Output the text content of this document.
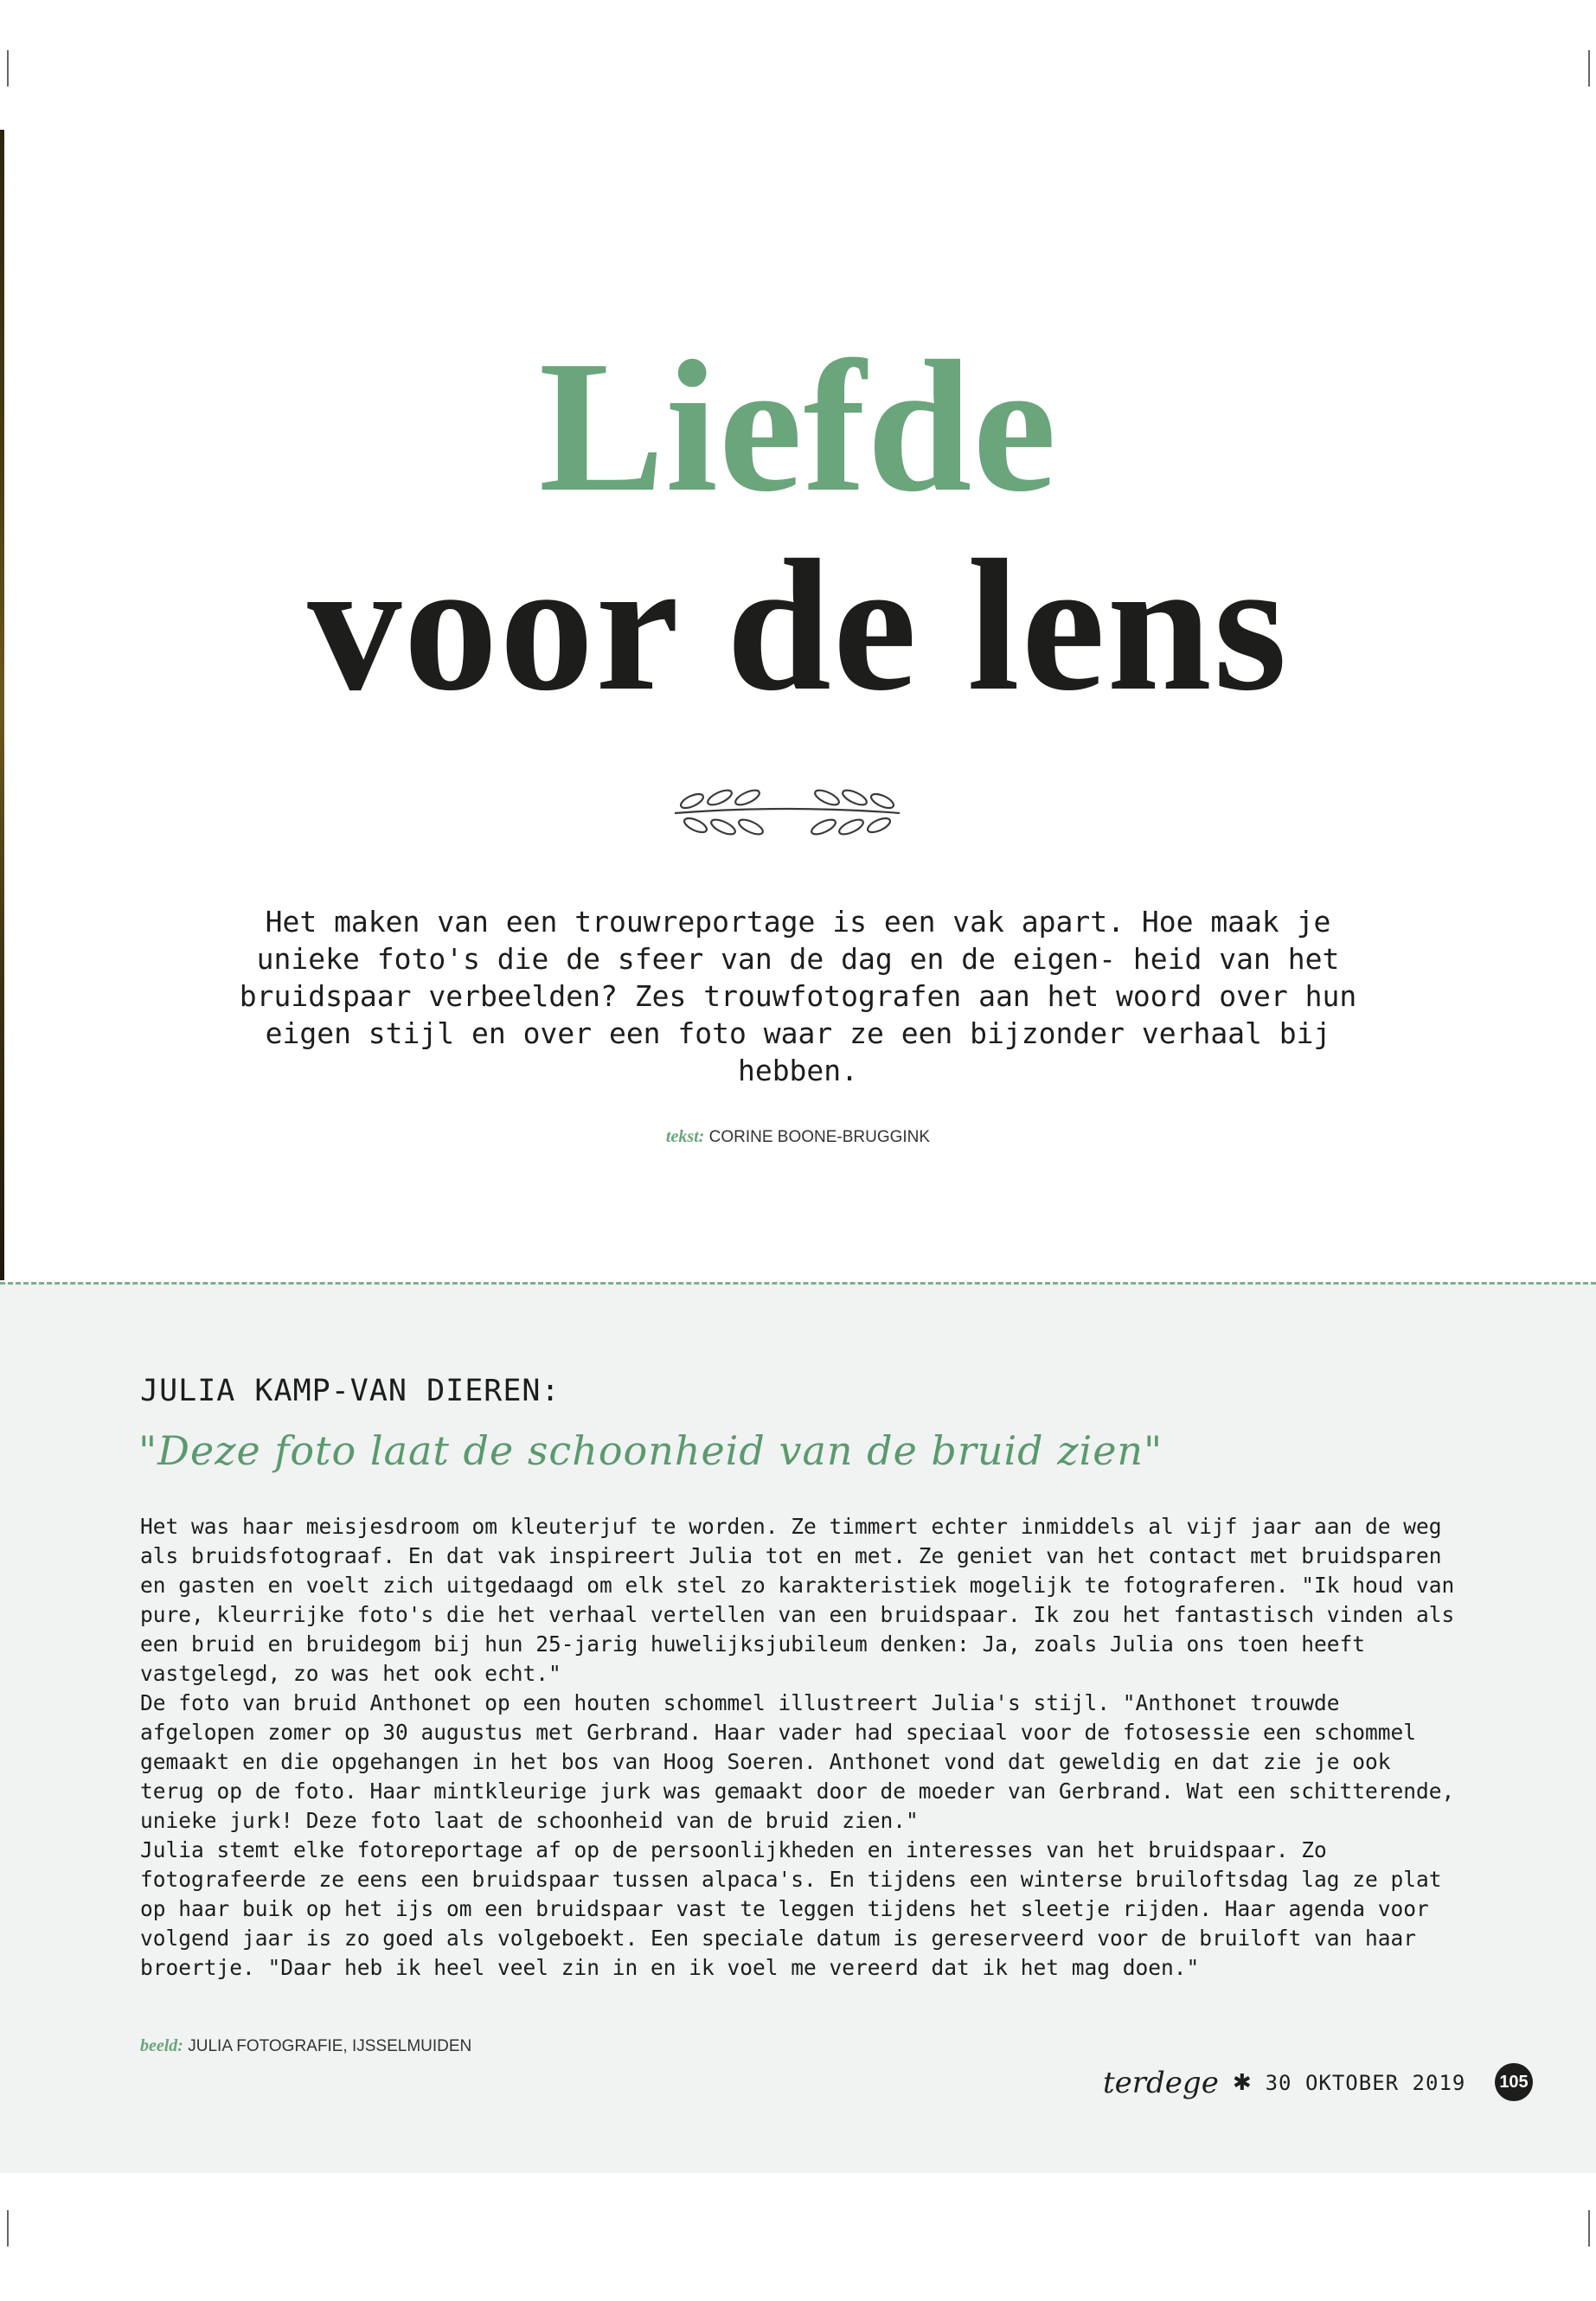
Liefde
voor de lens
Het maken van een trouwreportage is een vak apart. Hoe maak je unieke foto's die de sfeer van de dag en de eigen- heid van het bruidspaar verbeelden? Zes trouwfotografen aan het woord over hun eigen stijl en over een foto waar ze een bijzonder verhaal bij hebben.
tekst: CORINE BOONE-BRUGGINK
JULIA KAMP-VAN DIEREN:
"Deze foto laat de schoonheid van de bruid zien"

Het was haar meisjesdroom om kleuterjuf te worden. Ze timmert echter inmiddels al vijf jaar aan de weg als bruidsfotograaf. En dat vak inspireert Julia tot en met. Ze geniet van het contact met bruidsparen en gasten en voelt zich uitgedaagd om elk stel zo karakteristiek mogelijk te fotograferen. "Ik houd van pure, kleurrijke foto's die het verhaal vertellen van een bruidspaar. Ik zou het fantastisch vinden als een bruid en bruidegom bij hun 25-jarig huwelijksjubileum denken: Ja, zoals Julia ons toen heeft vastgelegd, zo was het ook echt."

De foto van bruid Anthonet op een houten schommel illustreert Julia's stijl. "Anthonet trouwde afgelopen zomer op 30 augustus met Gerbrand. Haar vader had speciaal voor de fotosessie een schommel gemaakt en die opgehangen in het bos van Hoog Soeren. Anthonet vond dat geweldig en dat zie je ook terug op de foto. Haar mintkleurige jurk was gemaakt door de moeder van Gerbrand. Wat een schitterende, unieke jurk! Deze foto laat de schoonheid van de bruid zien."

Julia stemt elke fotoreportage af op de persoonlijkheden en interesses van het bruidspaar. Zo fotografeerde ze eens een bruidspaar tussen alpaca's. En tijdens een winterse bruiloftsdag lag ze plat op haar buik op het ijs om een bruidspaar vast te leggen tijdens het sleetje rijden. Haar agenda voor volgend jaar is zo goed als volgeboekt. Een speciale datum is gereserveerd voor de bruiloft van haar broertje. "Daar heb ik heel veel zin in en ik voel me vereerd dat ik het mag doen."

beeld: JULIA FOTOGRAFIE, IJSSELMUIDEN
terdege ✱ 30 OKTOBER 2019 105
